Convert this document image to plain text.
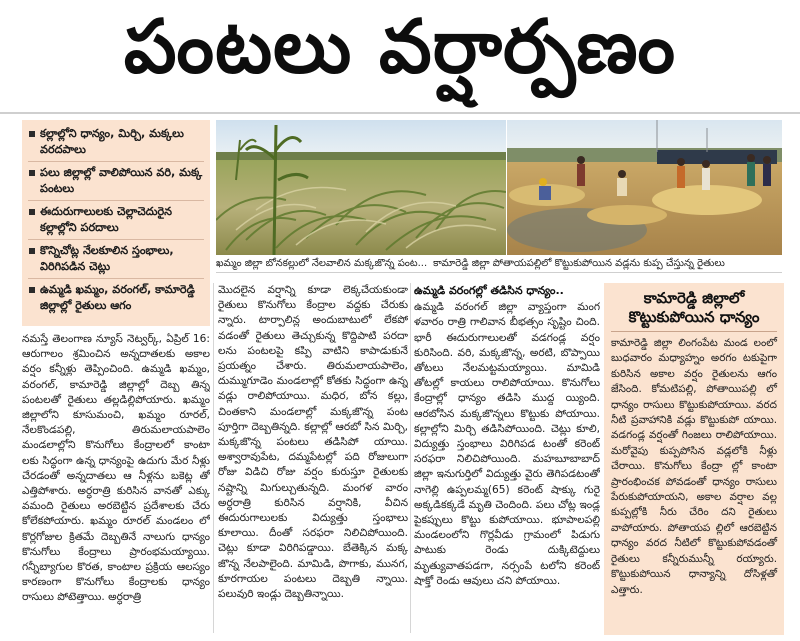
పంటలు వర్షార్పణం
కల్లాల్లోని ధాన్యం, మిర్చి, మక్కలు వరదపాలు
పలు జిల్లాల్లో వాలిపోయిన వరి, మక్క పంటలు
ఈదురుగాలులకు చెల్లాచెదురైన కల్లాల్లోని పరదాలు
కొన్నిచోట్ల నేలకూలిన స్తంభాలు, విరిగిపడిన చెట్లు
ఉమ్మడి ఖమ్మం, వరంగల్, కామారెడ్డి జిల్లాల్లో రైతులు ఆగం
ఖమ్మం జిల్లా బోనకల్లులో నేలవాలిన మక్కజొన్న పంట... కామారెడ్డి జిల్లా పోతాయపల్లిలో కొట్టుకుపోయిన వడ్లను కుప్ప చేస్తున్న రైతులు

నమస్తే తెలంగాణ న్యూస్ నెట్వర్క్, ఏప్రిల్ 16: ఆరుగాలం శ్రమించిన అన్నదాతలకు అకాల వర్షం కన్నీళ్లు తెప్పించింది. ఉమ్మడి ఖమ్మం, వరంగల్, కామారెడ్డి జిల్లాల్లో దెబ్బ తిన్న పంటలతో రైతులు తల్లడిల్లిపోయారు. ఖమ్మం జిల్లాలోని కూసుమంచి, ఖమ్మం రూరల్, నేలకొండపల్లి, తిరుమలాయపాలెం మండలాల్లోని కొనుగోలు కేంద్రాలలో కాంటా లకు సిద్ధంగా ఉన్న ధాన్యంపై ఉదుగు మేర నీళ్లు చేరడంతో అన్నదాతలు ఆ నీళ్లను బకెట్ల తో ఎత్తిపోశారు. అర్ధరాత్రి కురిసిన వానతో ఎక్కు వమంది రైతులు అరబెట్టిన ప్రదేశాలకు చేరు కోలేకపోయారు. ఖమ్మం రూరల్ మండలం లో కొర్లగోజుల క్రితమే దెబ్బతినే నాలుగు ధాన్యం కొనుగోలు కేంద్రాలు ప్రారంభమయ్యాయి. గన్నీబ్యాగుల కొరత, కాంటాల ప్రక్రియ ఆలస్యం కారణంగా కొనుగోలు కేంద్రాలకు ధాన్యం రాసులు పోటెత్తాయి. అర్ధరాత్రి

మొదలైన వర్షాన్ని కూడా లెక్కచేయకుండా రైతులు కొనుగోలు కేంద్రాల వద్దకు చేరుకు న్నారు. టార్పాలిన్ల అందుబాటులో లేకపో వడంతో రైతులు తెచ్చుకున్న కొద్దిపాటి పరదా లను పంటలపై కప్పి వాటిని కాపాడుకునే ప్రయత్నం చేశారు. తిరుమలాయపాలెం, దుమ్ముగూడెం మండలాల్లో కోతకు సిద్ధంగా ఉన్న వడ్లు రాలిపోయాయి. మధిర, బోన కల్లు, చింతకాని మండలాల్లో మక్కజొన్న పంట పూర్తిగా దెబ్బతిన్నది. కల్లాల్లో ఆరబో సిన మిర్చి, మక్కజొన్న పంటలు తడిసిపో యాయి. అశ్వారావుపేట, దమ్మపేటల్లో పది రోజులుగా రోజు విడిచి రోజు వర్షం కురుస్తూ రైతులకు నష్టాన్ని మిగుల్చుతున్నది. మంగళ వారం అర్ధరాత్రి కురిసిన వర్షానికి, వీచిన ఈదురుగాలులకు విద్యుత్తు స్తంభాలు కూలాయి. దీంతో సరఫరా నిలిచిపోయింది. చెట్లు కూడా విరిగిపడ్డాయి. బేతెక్కిన మక్క జొన్న నేలపాలైంది. మామిడి, పొగాకు, మునగ, కూరగాయల పంటలు దెబ్బతి న్నాయి. పలువురి ఇండ్లు దెబ్బతిన్నాయి.

ఉమ్మడి వరంగల్లో తడిసిన ధాన్యం..

ఉమ్మడి వరంగల్ జిల్లా వ్యాప్తంగా మంగ ళవారం రాత్రి గాలివాన బీభత్సం సృష్టిం చింది. భారీ ఈదురుగాలులతో వడగండ్ల వర్షం కురిసింది. వరి, మక్కజొన్న, అరటి, బొప్పాయి తోటలు నేలమట్టమయ్యాయి. మామిడి తోటల్లో కాయలు రాలిపోయాయి. కొనుగోలు కేంద్రాల్లో ధాన్యం తడిసి ముద్ద య్యింది. ఆరబోసిన మక్కజొన్నలు కొట్టుకు పోయాయి. కల్లాల్లోని మిర్చి తడిసిపోయింది. చెట్లు కూలి, విద్యుత్తు స్తంభాలు విరిగిపడ టంతో కరెంట్ సరఫరా నిలిచిపోయింది. మహబూబాబాద్ జిల్లా ఇనుగుర్తిలో విద్యుత్తు వైరు తెగిపడటంతో నాగెల్లి ఉప్పలమ్మ(65) కరెంట్ షాక్కు గురై అక్కడికక్కడే మృతి చెందింది. పలు చోట్ల ఇండ్ల పైకప్పులు కొట్టు కుపోయాయి. భూపాలపల్లి మండలంలోని గొర్లవీడు గ్రామంలో పిడుగు పాటుకు రెండు దుక్కిటెద్దులు మృత్యువాతపడగా, నర్సంపే టలోని కరెంట్ షాక్తో రెండు ఆవులు చని పోయాయి.

కామారెడ్డి జిల్లాలో కొట్టుకుపోయిన ధాన్యం
కామారెడ్డి జిల్లా లింగంపేట మండ లంలో బుధవారం మధ్యాహ్నం అరగం టకుపైగా కురిసిన అకాల వర్షం రైతులను ఆగం జేసింది. కోమటిపల్లి, పోతాయిపల్లి లో ధాన్యం రాసులు కొట్టుకుపోయాయి. వరద నీటి ప్రవాహానికి వడ్లు కొట్టుకుపో యాయి. వడగండ్ల వర్షంతో గింజలు రాలిపోయాయి. మరోవైపు కుప్పపోసిన వడ్లలోకి నీళ్లు చేరాయి. కొనుగోలు కేంద్రా ల్లో కాంటా ప్రారంభించక పోవడంతో ధాన్యం రాసులు పేరుకుపోయాయని, అకాల వర్షాల వల్ల కుప్పల్లోకి నీరు చేరిం దని రైతులు వాపోయారు. పోతాయప ల్లిలో ఆరబెట్టిన ధాన్యం వరద నీటిలో కొట్టుకుపోవడంతో రైతులు కన్నీరుమున్నీ రయ్యారు. కొట్టుకుపోయిన ధాన్యాన్ని దోసిళ్లతో ఎత్తారు.
